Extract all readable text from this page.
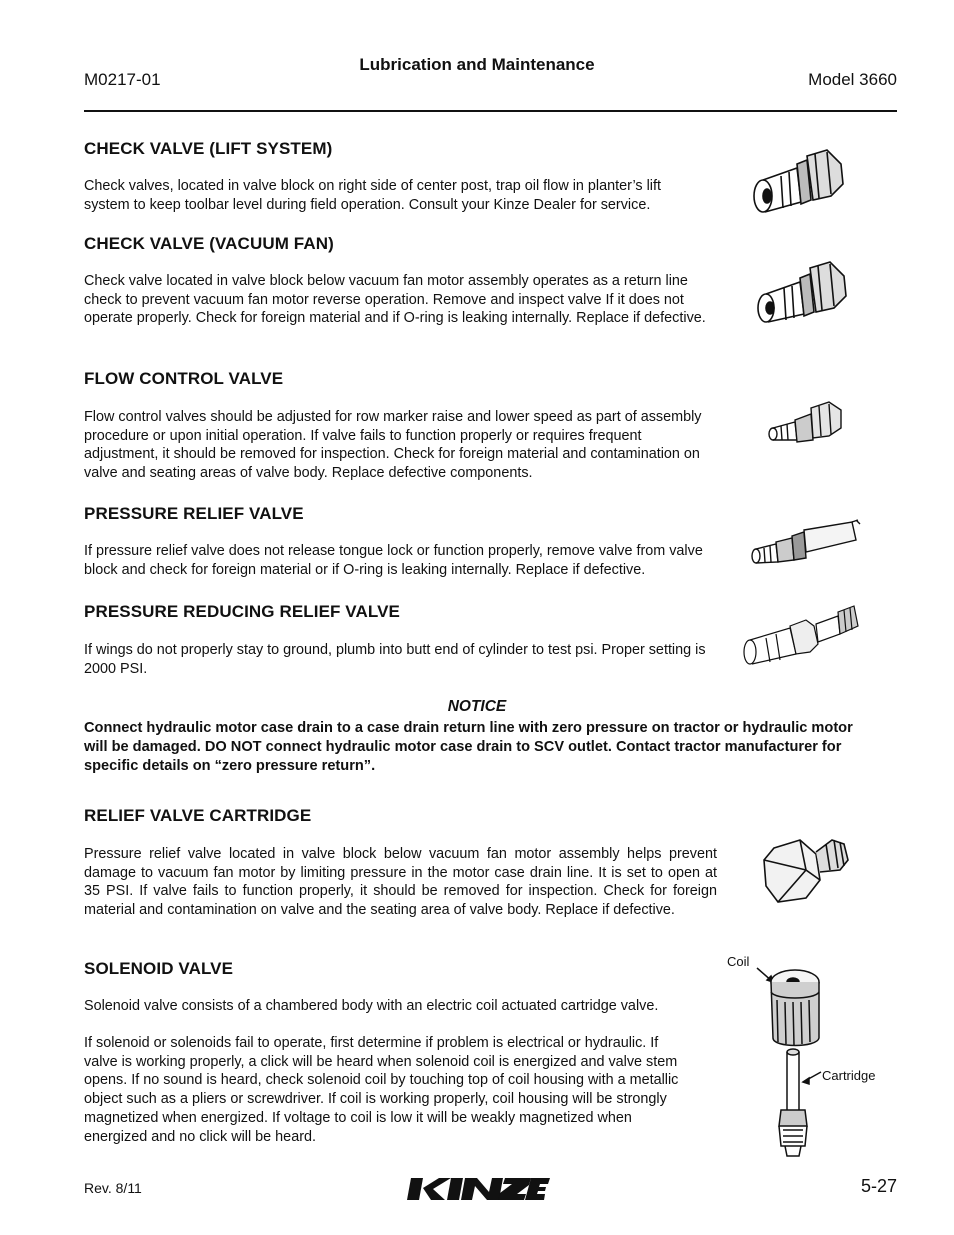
Lubrication and Maintenance
M0217-01	Model 3660
CHECK VALVE (LIFT SYSTEM)

Check valves, located in valve block on right side of center post, trap oil flow in planter’s lift system to keep toolbar level during field operation. Consult your Kinze Dealer for service.

CHECK VALVE (VACUUM FAN)

Check valve located in valve block below vacuum fan motor assembly operates as a return line check to prevent vacuum fan motor reverse operation. Remove and inspect valve If it does not operate properly. Check for foreign material and if O-ring is leaking internally. Replace if defective.

FLOW CONTROL VALVE

Flow control valves should be adjusted for row marker raise and lower speed as part of assembly procedure or upon initial operation. If valve fails to function properly or requires frequent adjustment, it should be removed for inspection. Check for foreign material and contamination on valve and seating areas of valve body. Replace defective components.

PRESSURE RELIEF VALVE

If pressure relief valve does not release tongue lock or function properly, remove valve from valve block and check for foreign material or if O-ring is leaking internally. Replace if defective.

PRESSURE REDUCING RELIEF VALVE

If wings do not properly stay to ground, plumb into butt end of cylinder to test psi. Proper setting is 2000 PSI.

NOTICE

Connect hydraulic motor case drain to a case drain return line with zero pressure on tractor or hydraulic motor will be damaged. DO NOT connect hydraulic motor case drain to SCV outlet. Contact tractor manufacturer for specific details on “zero pressure return”.

RELIEF VALVE CARTRIDGE

Pressure relief valve located in valve block below vacuum fan motor assembly helps prevent damage to vacuum fan motor by limiting pressure in the motor case drain line. It is set to open at 35 PSI. If valve fails to function properly, it should be removed for inspection. Check for foreign material and contamination on valve and the seating area of valve body. Replace if defective.

SOLENOID VALVE

Solenoid valve consists of a chambered body with an electric coil actuated cartridge valve.

If solenoid or solenoids fail to operate, first determine if problem is electrical or hydraulic. If valve is working properly, a click will be heard when solenoid coil is energized and valve stem opens. If no sound is heard, check solenoid coil by touching top of coil housing with a metallic object such as a pliers or screwdriver. If coil is working properly, coil housing will be strongly magnetized when energized. If voltage to coil is low it will be weakly magnetized when energized and no click will be heard.

Coil
Cartridge
Rev. 8/11	5-27
